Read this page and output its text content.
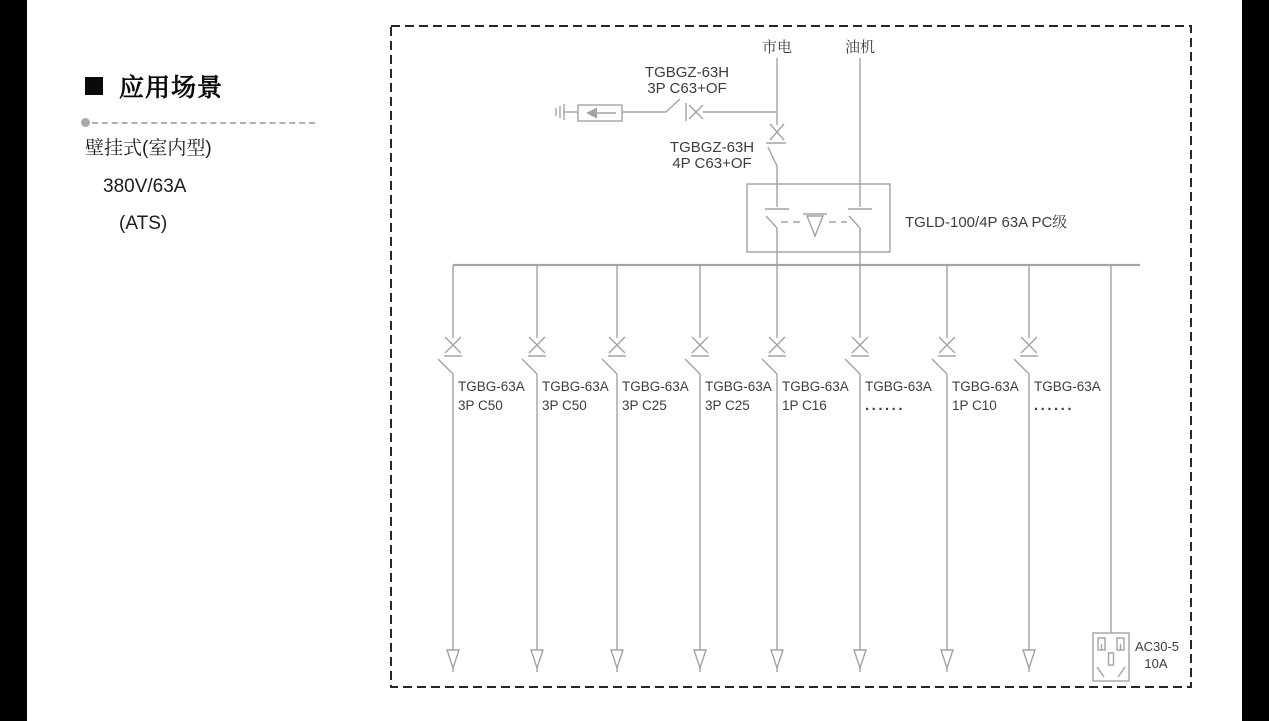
应用场景
壁挂式(室内型)
380V/63A
(ATS)
市电	油机
TGBGZ-63H
3P C63+OF
TGBGZ-63H
4P C63+OF
TGLD-100/4P 63A PC级
TGBG-63A
3P C50
TGBG-63A
3P C50
TGBG-63A
3P C25
TGBG-63A
3P C25
TGBG-63A
1P C16
TGBG-63A
......
TGBG-63A
1P C10
TGBG-63A
......
AC30-5
10A
